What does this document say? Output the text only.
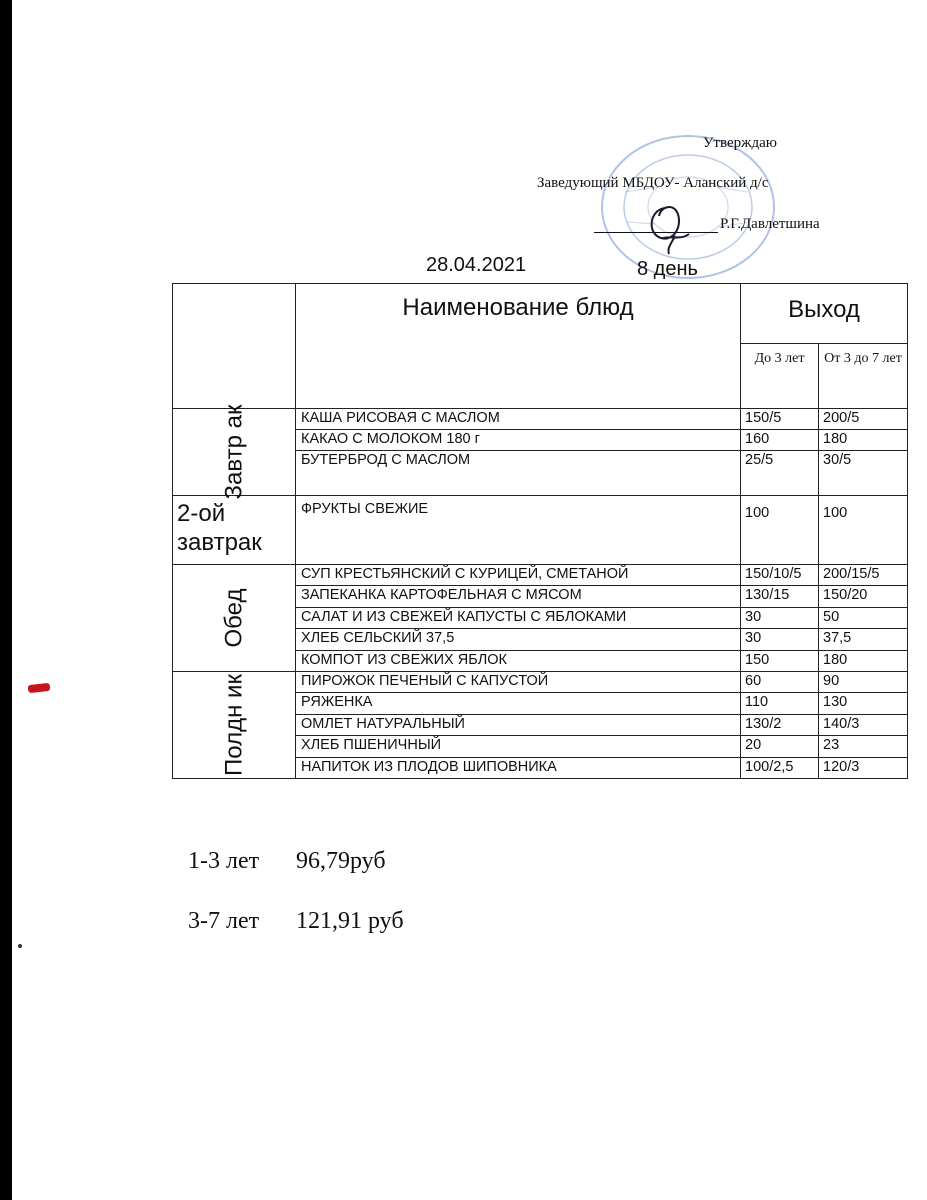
Утверждаю
Заведующий МБДОУ- Аланский д/с
Р.Г.Давлетшина
28.04.2021	8 день
	Наименование блюд	Выход	
		До 3 лет	От 3 до 7 лет

Завтр ак	КАША РИСОВАЯ С МАСЛОМ	150/5	200/5
	КАКАО С МОЛОКОМ 180 г	160	180
	БУТЕРБРОД С МАСЛОМ	25/5	30/5
2-ой завтрак	ФРУКТЫ СВЕЖИЕ	100	100

Обед	СУП КРЕСТЬЯНСКИЙ С КУРИЦЕЙ, СМЕТАНОЙ	150/10/5	200/15/5
	ЗАПЕКАНКА КАРТОФЕЛЬНАЯ С МЯСОМ	130/15	150/20
	САЛАТ И ИЗ СВЕЖЕЙ КАПУСТЫ С ЯБЛОКАМИ	30	50
	ХЛЕБ СЕЛЬСКИЙ 37,5	30	37,5
	КОМПОТ ИЗ СВЕЖИХ ЯБЛОК	150	180

Полдн ик	ПИРОЖОК ПЕЧЕНЫЙ С КАПУСТОЙ	60	90
	РЯЖЕНКА	110	130
	ОМЛЕТ НАТУРАЛЬНЫЙ	130/2	140/3
	ХЛЕБ ПШЕНИЧНЫЙ	20	23
	НАПИТОК ИЗ ПЛОДОВ ШИПОВНИКА	100/2,5	120/3
1-3 лет 96,79руб
3-7 лет 121,91 руб
